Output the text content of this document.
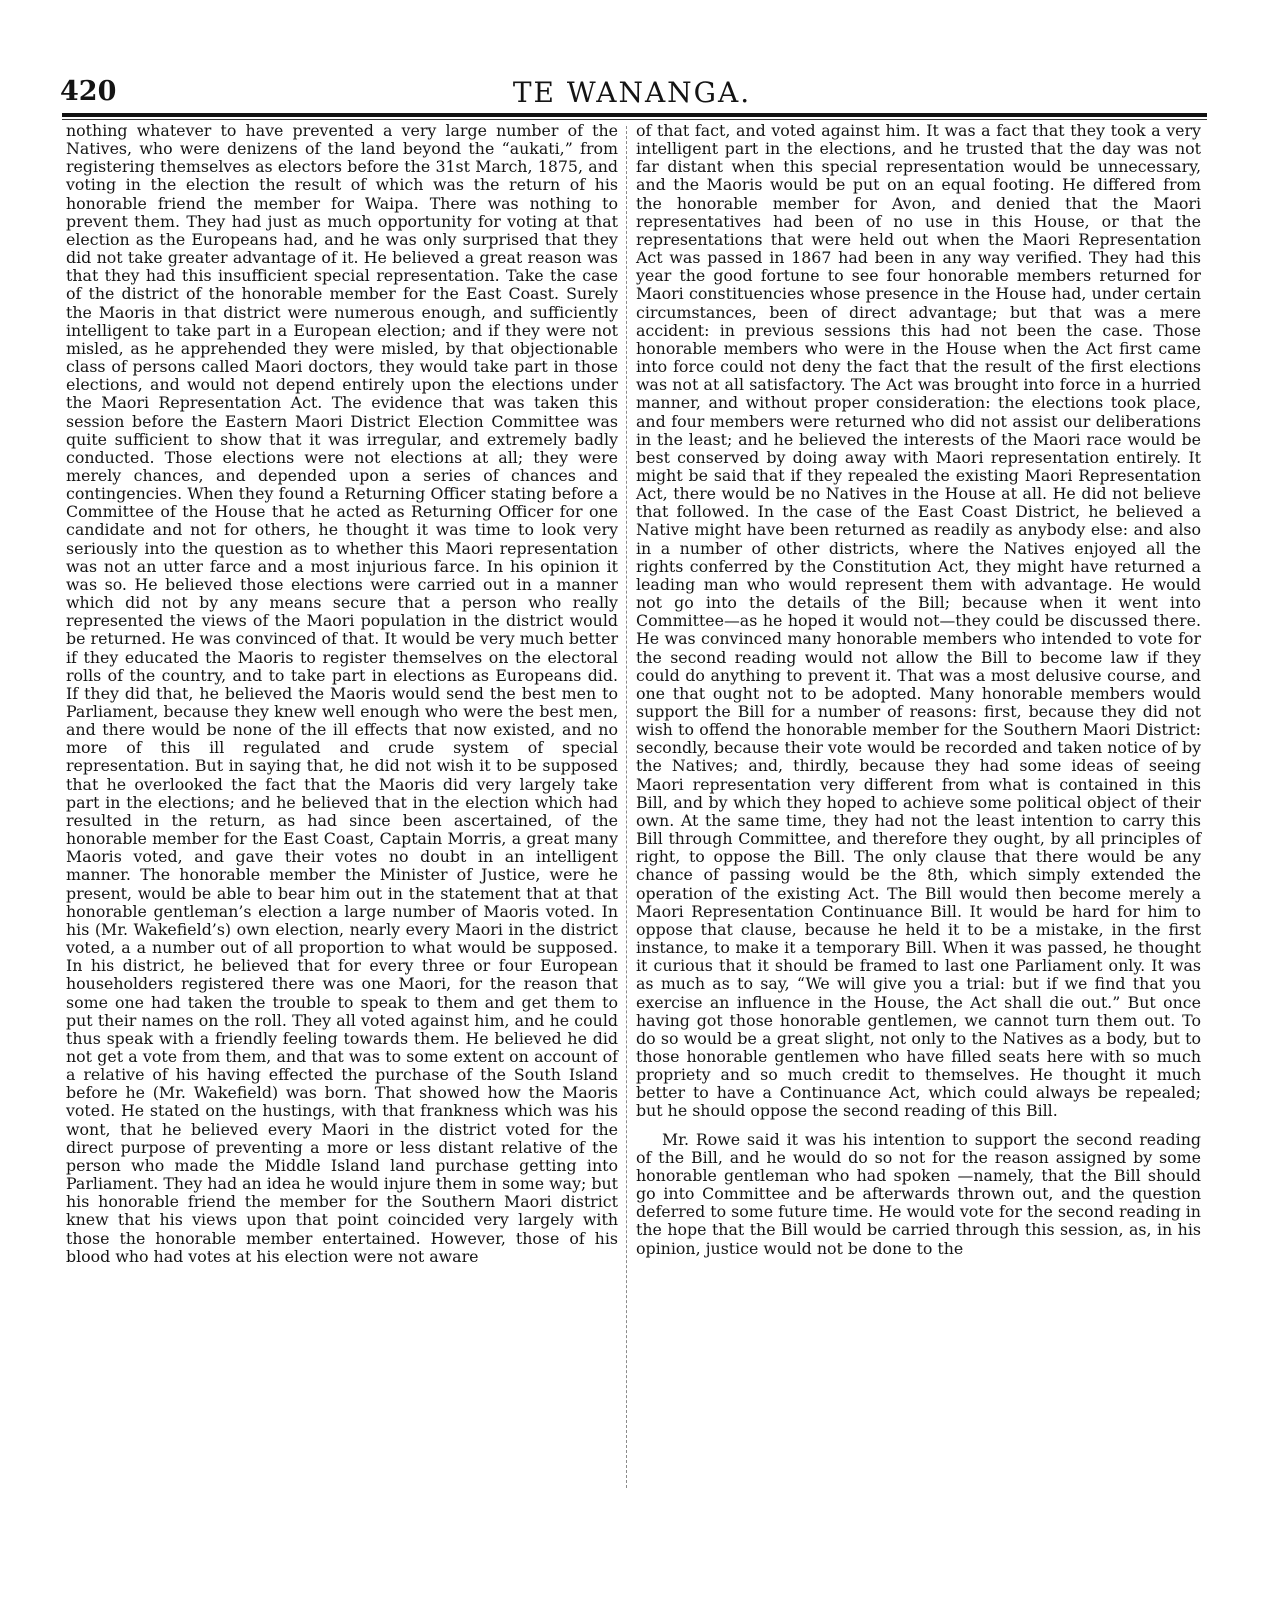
420	TE WANANGA.

nothing whatever to have prevented a very large number of the Natives, who were denizens of the land beyond the “aukati,” from registering themselves as electors before the 31st March, 1875, and voting in the election the result of which was the return of his honorable friend the member for Waipa. There was nothing to prevent them. They had just as much opportunity for voting at that election as the Europeans had, and he was only surprised that they did not take greater advantage of it. He believed a great reason was that they had this insufficient special representation. Take the case of the district of the honorable member for the East Coast. Surely the Maoris in that district were numerous enough, and sufficiently intelligent to take part in a European election; and if they were not misled, as he apprehended they were misled, by that objectionable class of persons called Maori doctors, they would take part in those elections, and would not depend entirely upon the elections under the Maori Representation Act. The evidence that was taken this session before the Eastern Maori District Election Committee was quite sufficient to show that it was irregular, and extremely badly conducted. Those elections were not elections at all; they were merely chances, and depended upon a series of chances and contingencies. When they found a Returning Officer stating before a Committee of the House that he acted as Returning Officer for one candidate and not for others, he thought it was time to look very seriously into the question as to whether this Maori representation was not an utter farce and a most injurious farce. In his opinion it was so. He believed those elections were carried out in a manner which did not by any means secure that a person who really represented the views of the Maori population in the district would be returned. He was convinced of that. It would be very much better if they educated the Maoris to register themselves on the electoral rolls of the country, and to take part in elections as Europeans did. If they did that, he believed the Maoris would send the best men to Parliament, because they knew well enough who were the best men, and there would be none of the ill effects that now existed, and no more of this ill regulated and crude system of special representation. But in saying that, he did not wish it to be supposed that he overlooked the fact that the Maoris did very largely take part in the elections; and he believed that in the election which had resulted in the return, as had since been ascertained, of the honorable member for the East Coast, Captain Morris, a great many Maoris voted, and gave their votes no doubt in an intelligent manner. The honorable member the Minister of Justice, were he present, would be able to bear him out in the statement that at that honorable gentleman’s election a large number of Maoris voted. In his (Mr. Wakefield’s) own election, nearly every Maori in the district voted, a a number out of all proportion to what would be supposed. In his district, he believed that for every three or four European householders registered there was one Maori, for the reason that some one had taken the trouble to speak to them and get them to put their names on the roll. They all voted against him, and he could thus speak with a friendly feeling towards them. He believed he did not get a vote from them, and that was to some extent on account of a relative of his having effected the purchase of the South Island before he (Mr. Wakefield) was born. That showed how the Maoris voted. He stated on the hustings, with that frankness which was his wont, that he believed every Maori in the district voted for the direct purpose of preventing a more or less distant relative of the person who made the Middle Island land purchase getting into Parliament. They had an idea he would injure them in some way; but his honorable friend the member for the Southern Maori district knew that his views upon that point coincided very largely with those the honorable member entertained. However, those of his blood who had votes at his election were not aware

of that fact, and voted against him. It was a fact that they took a very intelligent part in the elections, and he trusted that the day was not far distant when this special representation would be unnecessary, and the Maoris would be put on an equal footing. He differed from the honorable member for Avon, and denied that the Maori representatives had been of no use in this House, or that the representations that were held out when the Maori Representation Act was passed in 1867 had been in any way verified. They had this year the good fortune to see four honorable members returned for Maori constituencies whose presence in the House had, under certain circumstances, been of direct advantage; but that was a mere accident: in previous sessions this had not been the case. Those honorable members who were in the House when the Act first came into force could not deny the fact that the result of the first elections was not at all satisfactory. The Act was brought into force in a hurried manner, and without proper consideration: the elections took place, and four members were returned who did not assist our deliberations in the least; and he believed the interests of the Maori race would be best conserved by doing away with Maori representation entirely. It might be said that if they repealed the existing Maori Representation Act, there would be no Natives in the House at all. He did not believe that followed. In the case of the East Coast District, he believed a Native might have been returned as readily as anybody else: and also in a number of other districts, where the Natives enjoyed all the rights conferred by the Constitution Act, they might have returned a leading man who would represent them with advantage. He would not go into the details of the Bill; because when it went into Committee—as he hoped it would not—they could be discussed there. He was convinced many honorable members who intended to vote for the second reading would not allow the Bill to become law if they could do anything to prevent it. That was a most delusive course, and one that ought not to be adopted. Many honorable members would support the Bill for a number of reasons: first, because they did not wish to offend the honorable member for the Southern Maori District: secondly, because their vote would be recorded and taken notice of by the Natives; and, thirdly, because they had some ideas of seeing Maori representation very different from what is contained in this Bill, and by which they hoped to achieve some political object of their own. At the same time, they had not the least intention to carry this Bill through Committee, and therefore they ought, by all principles of right, to oppose the Bill. The only clause that there would be any chance of passing would be the 8th, which simply extended the operation of the existing Act. The Bill would then become merely a Maori Representation Continuance Bill. It would be hard for him to oppose that clause, because he held it to be a mistake, in the first instance, to make it a temporary Bill. When it was passed, he thought it curious that it should be framed to last one Parliament only. It was as much as to say, “We will give you a trial: but if we find that you exercise an influence in the House, the Act shall die out.” But once having got those honorable gentlemen, we cannot turn them out. To do so would be a great slight, not only to the Natives as a body, but to those honorable gentlemen who have filled seats here with so much propriety and so much credit to themselves. He thought it much better to have a Continuance Act, which could always be repealed; but he should oppose the second reading of this Bill.

Mr. Rowe said it was his intention to support the second reading of the Bill, and he would do so not for the reason assigned by some honorable gentleman who had spoken —namely, that the Bill should go into Committee and be afterwards thrown out, and the question deferred to some future time. He would vote for the second reading in the hope that the Bill would be carried through this session, as, in his opinion, justice would not be done to the
